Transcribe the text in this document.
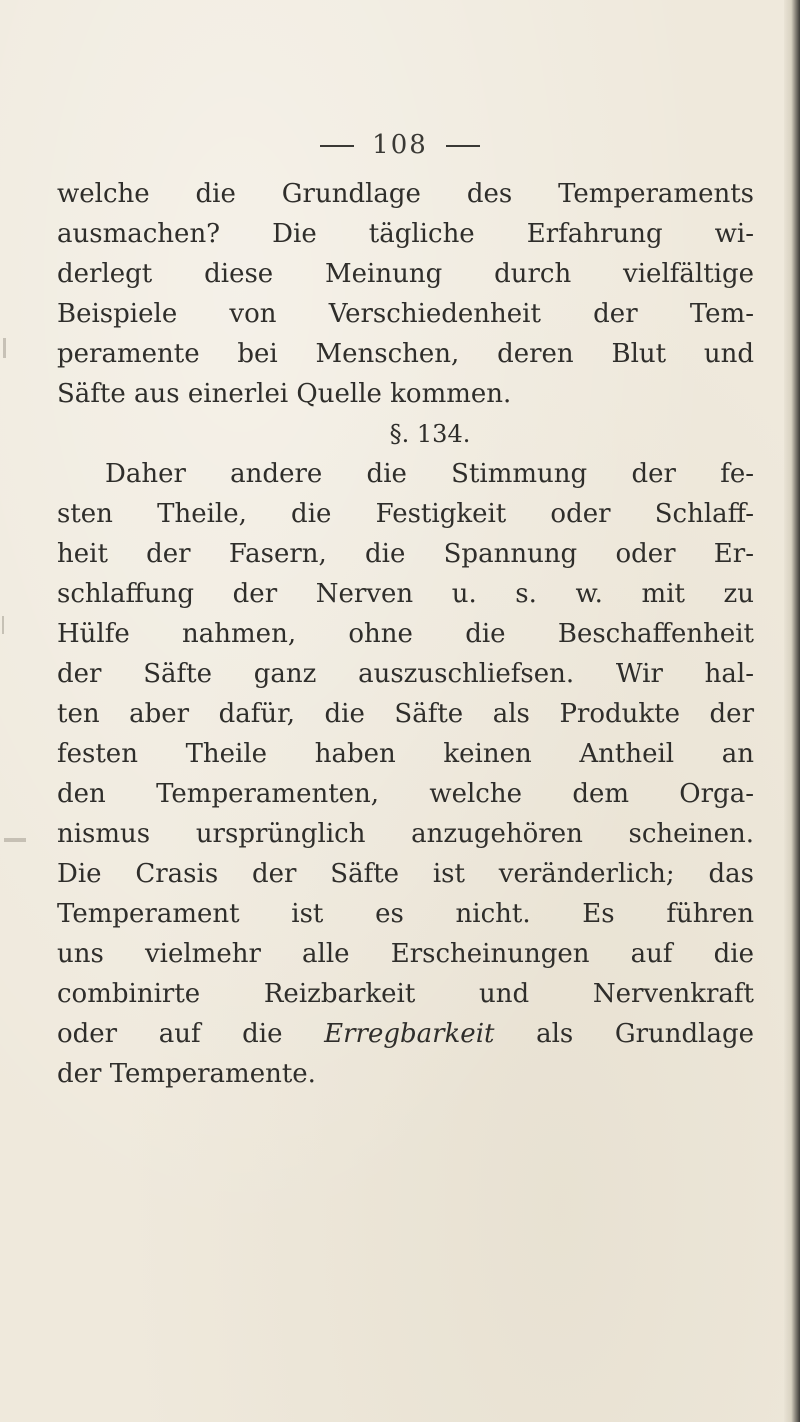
108
welche die Grundlage des Temperaments
ausmachen? Die tägliche Erfahrung wi-
derlegt diese Meinung durch vielfältige
Beispiele von Verschiedenheit der Tem-
peramente bei Menschen, deren Blut und
Säfte aus einerlei Quelle kommen.
§. 134.
Daher andere die Stimmung der fe-
sten Theile, die Festigkeit oder Schlaff-
heit der Fasern, die Spannung oder Er-
schlaffung der Nerven u. s. w. mit zu
Hülfe nahmen, ohne die Beschaffenheit
der Säfte ganz auszuschliefsen. Wir hal-
ten aber dafür, die Säfte als Produkte der
festen Theile haben keinen Antheil an
den Temperamenten, welche dem Orga-
nismus ursprünglich anzugehören scheinen.
Die Crasis der Säfte ist veränderlich; das
Temperament ist es nicht. Es führen
uns vielmehr alle Erscheinungen auf die
combinirte Reizbarkeit und Nervenkraft
oder auf die Erregbarkeit als Grundlage
der Temperamente.
